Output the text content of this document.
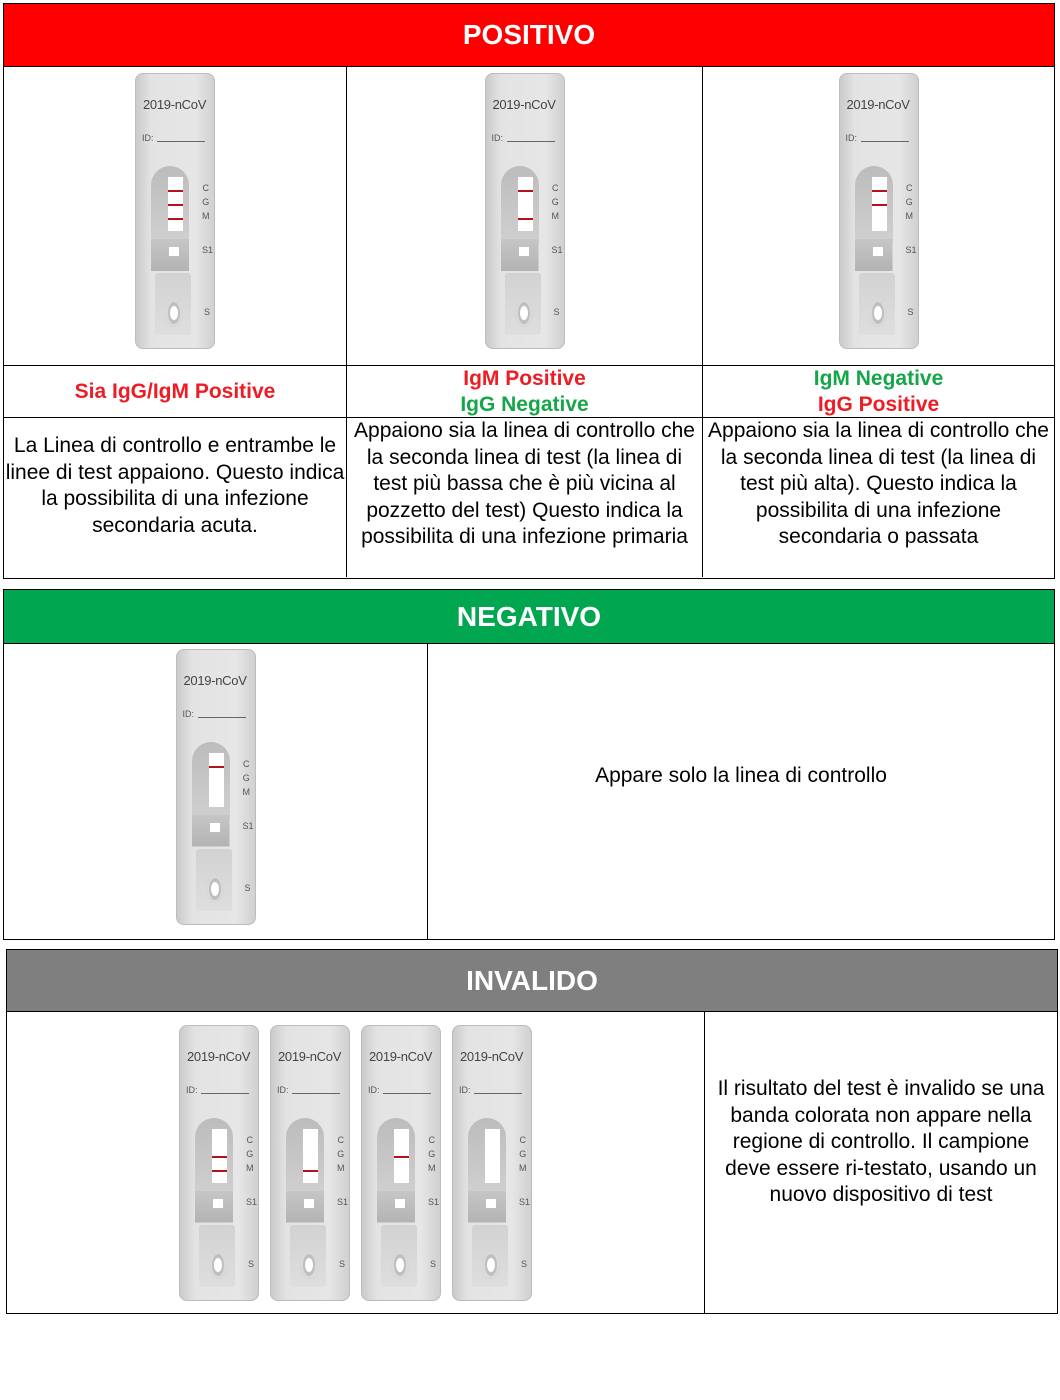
POSITIVO
2019-nCoV
ID:
C
G
M
S1
S
2019-nCoV
ID:
C
G
M
S1
S
2019-nCoV
ID:
C
G
M
S1
S
Sia IgG/IgM Positive
IgM Positive
IgG Negative
IgM Negative
IgG Positive
La Linea di controllo e entrambe le linee di test appaiono. Questo indica la possibilita di una infezione secondaria acuta.
Appaiono sia la linea di controllo che la seconda linea di test (la linea di test più bassa che è più vicina al pozzetto del test) Questo indica la possibilita di una infezione primaria
Appaiono sia la linea di controllo che la seconda linea di test (la linea di test più alta). Questo indica la possibilita di una infezione secondaria o passata
NEGATIVO
2019-nCoV
ID:
C
G
M
S1
S
Appare solo la linea di controllo
INVALIDO
2019-nCoV
ID:
C
G
M
S1
S
2019-nCoV
ID:
C
G
M
S1
S
2019-nCoV
ID:
C
G
M
S1
S
2019-nCoV
ID:
C
G
M
S1
S
Il risultato del test è invalido se una banda colorata non appare nella regione di controllo. Il campione deve essere ri-testato, usando un nuovo dispositivo di test
